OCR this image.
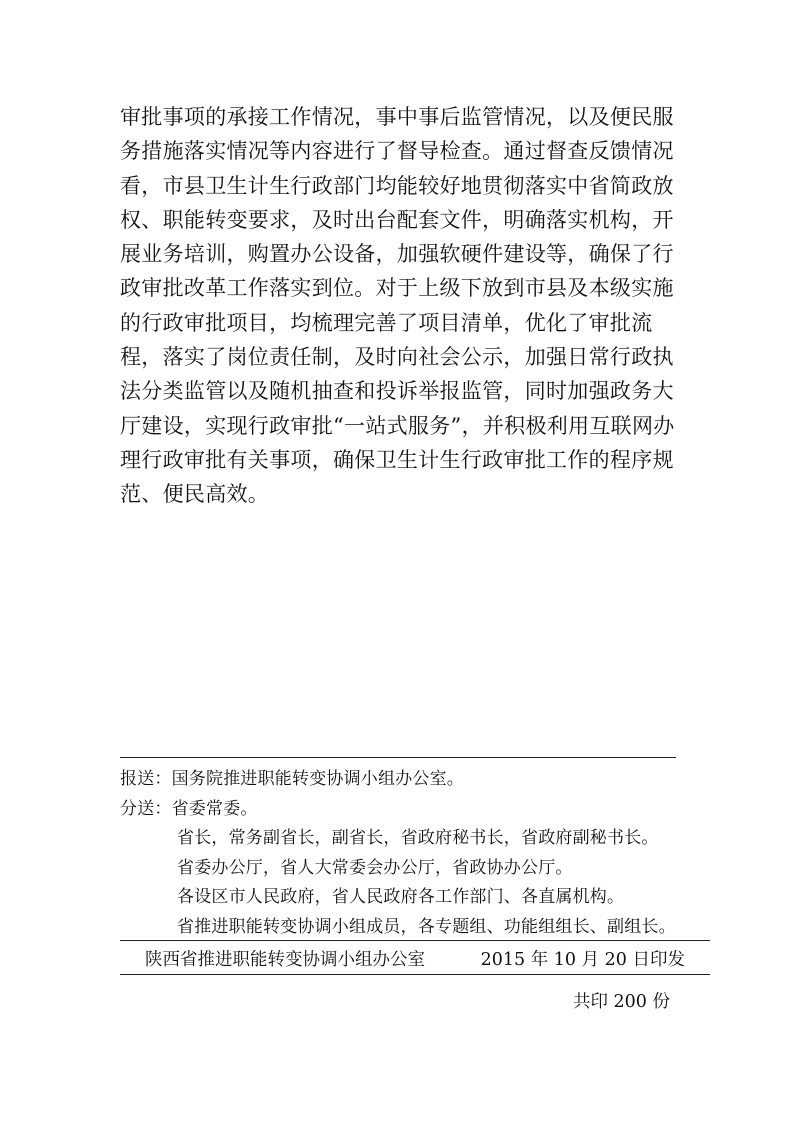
审批事项的承接工作情况，事中事后监管情况，以及便民服务措施落实情况等内容进行了督导检查。通过督查反馈情况看，市县卫生计生行政部门均能较好地贯彻落实中省简政放权、职能转变要求，及时出台配套文件，明确落实机构，开展业务培训，购置办公设备，加强软硬件建设等，确保了行政审批改革工作落实到位。对于上级下放到市县及本级实施的行政审批项目，均梳理完善了项目清单，优化了审批流程，落实了岗位责任制，及时向社会公示，加强日常行政执法分类监管以及随机抽查和投诉举报监管，同时加强政务大厅建设，实现行政审批“一站式服务”，并积极利用互联网办理行政审批有关事项，确保卫生计生行政审批工作的程序规范、便民高效。

报送：国务院推进职能转变协调小组办公室。
分送：省委常委。
省长，常务副省长，副省长，省政府秘书长，省政府副秘书长。
省委办公厅，省人大常委会办公厅，省政协办公厅。
各设区市人民政府，省人民政府各工作部门、各直属机构。
省推进职能转变协调小组成员，各专题组、功能组组长、副组长。
陕西省推进职能转变协调小组办公室	2015 年 10 月 20 日印发
共印 200 份
